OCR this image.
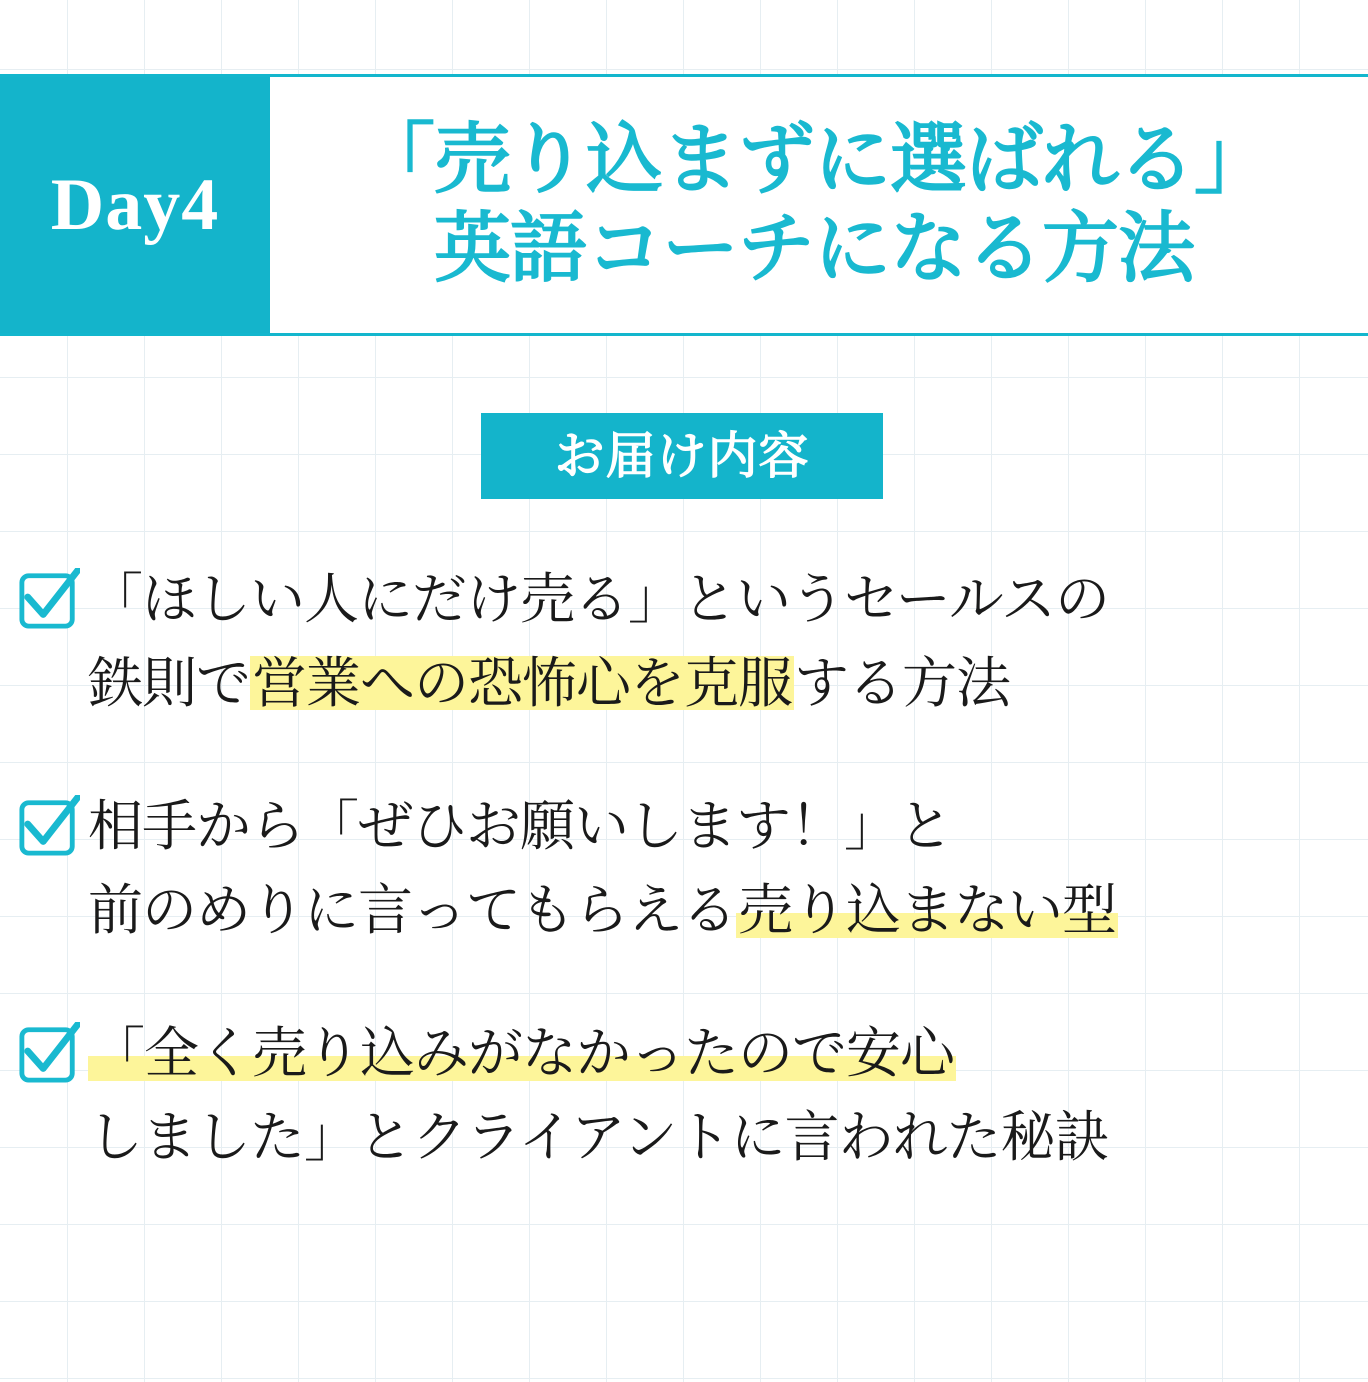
Day4
「売り込まずに選ばれる」
英語コーチになる方法
お届け内容
「ほしい人にだけ売る」というセールスの
鉄則で営業への恐怖心を克服する方法
相手から「ぜひお願いします！」と
前のめりに言ってもらえる売り込まない型
「全く売り込みがなかったので安心
しました」とクライアントに言われた秘訣
